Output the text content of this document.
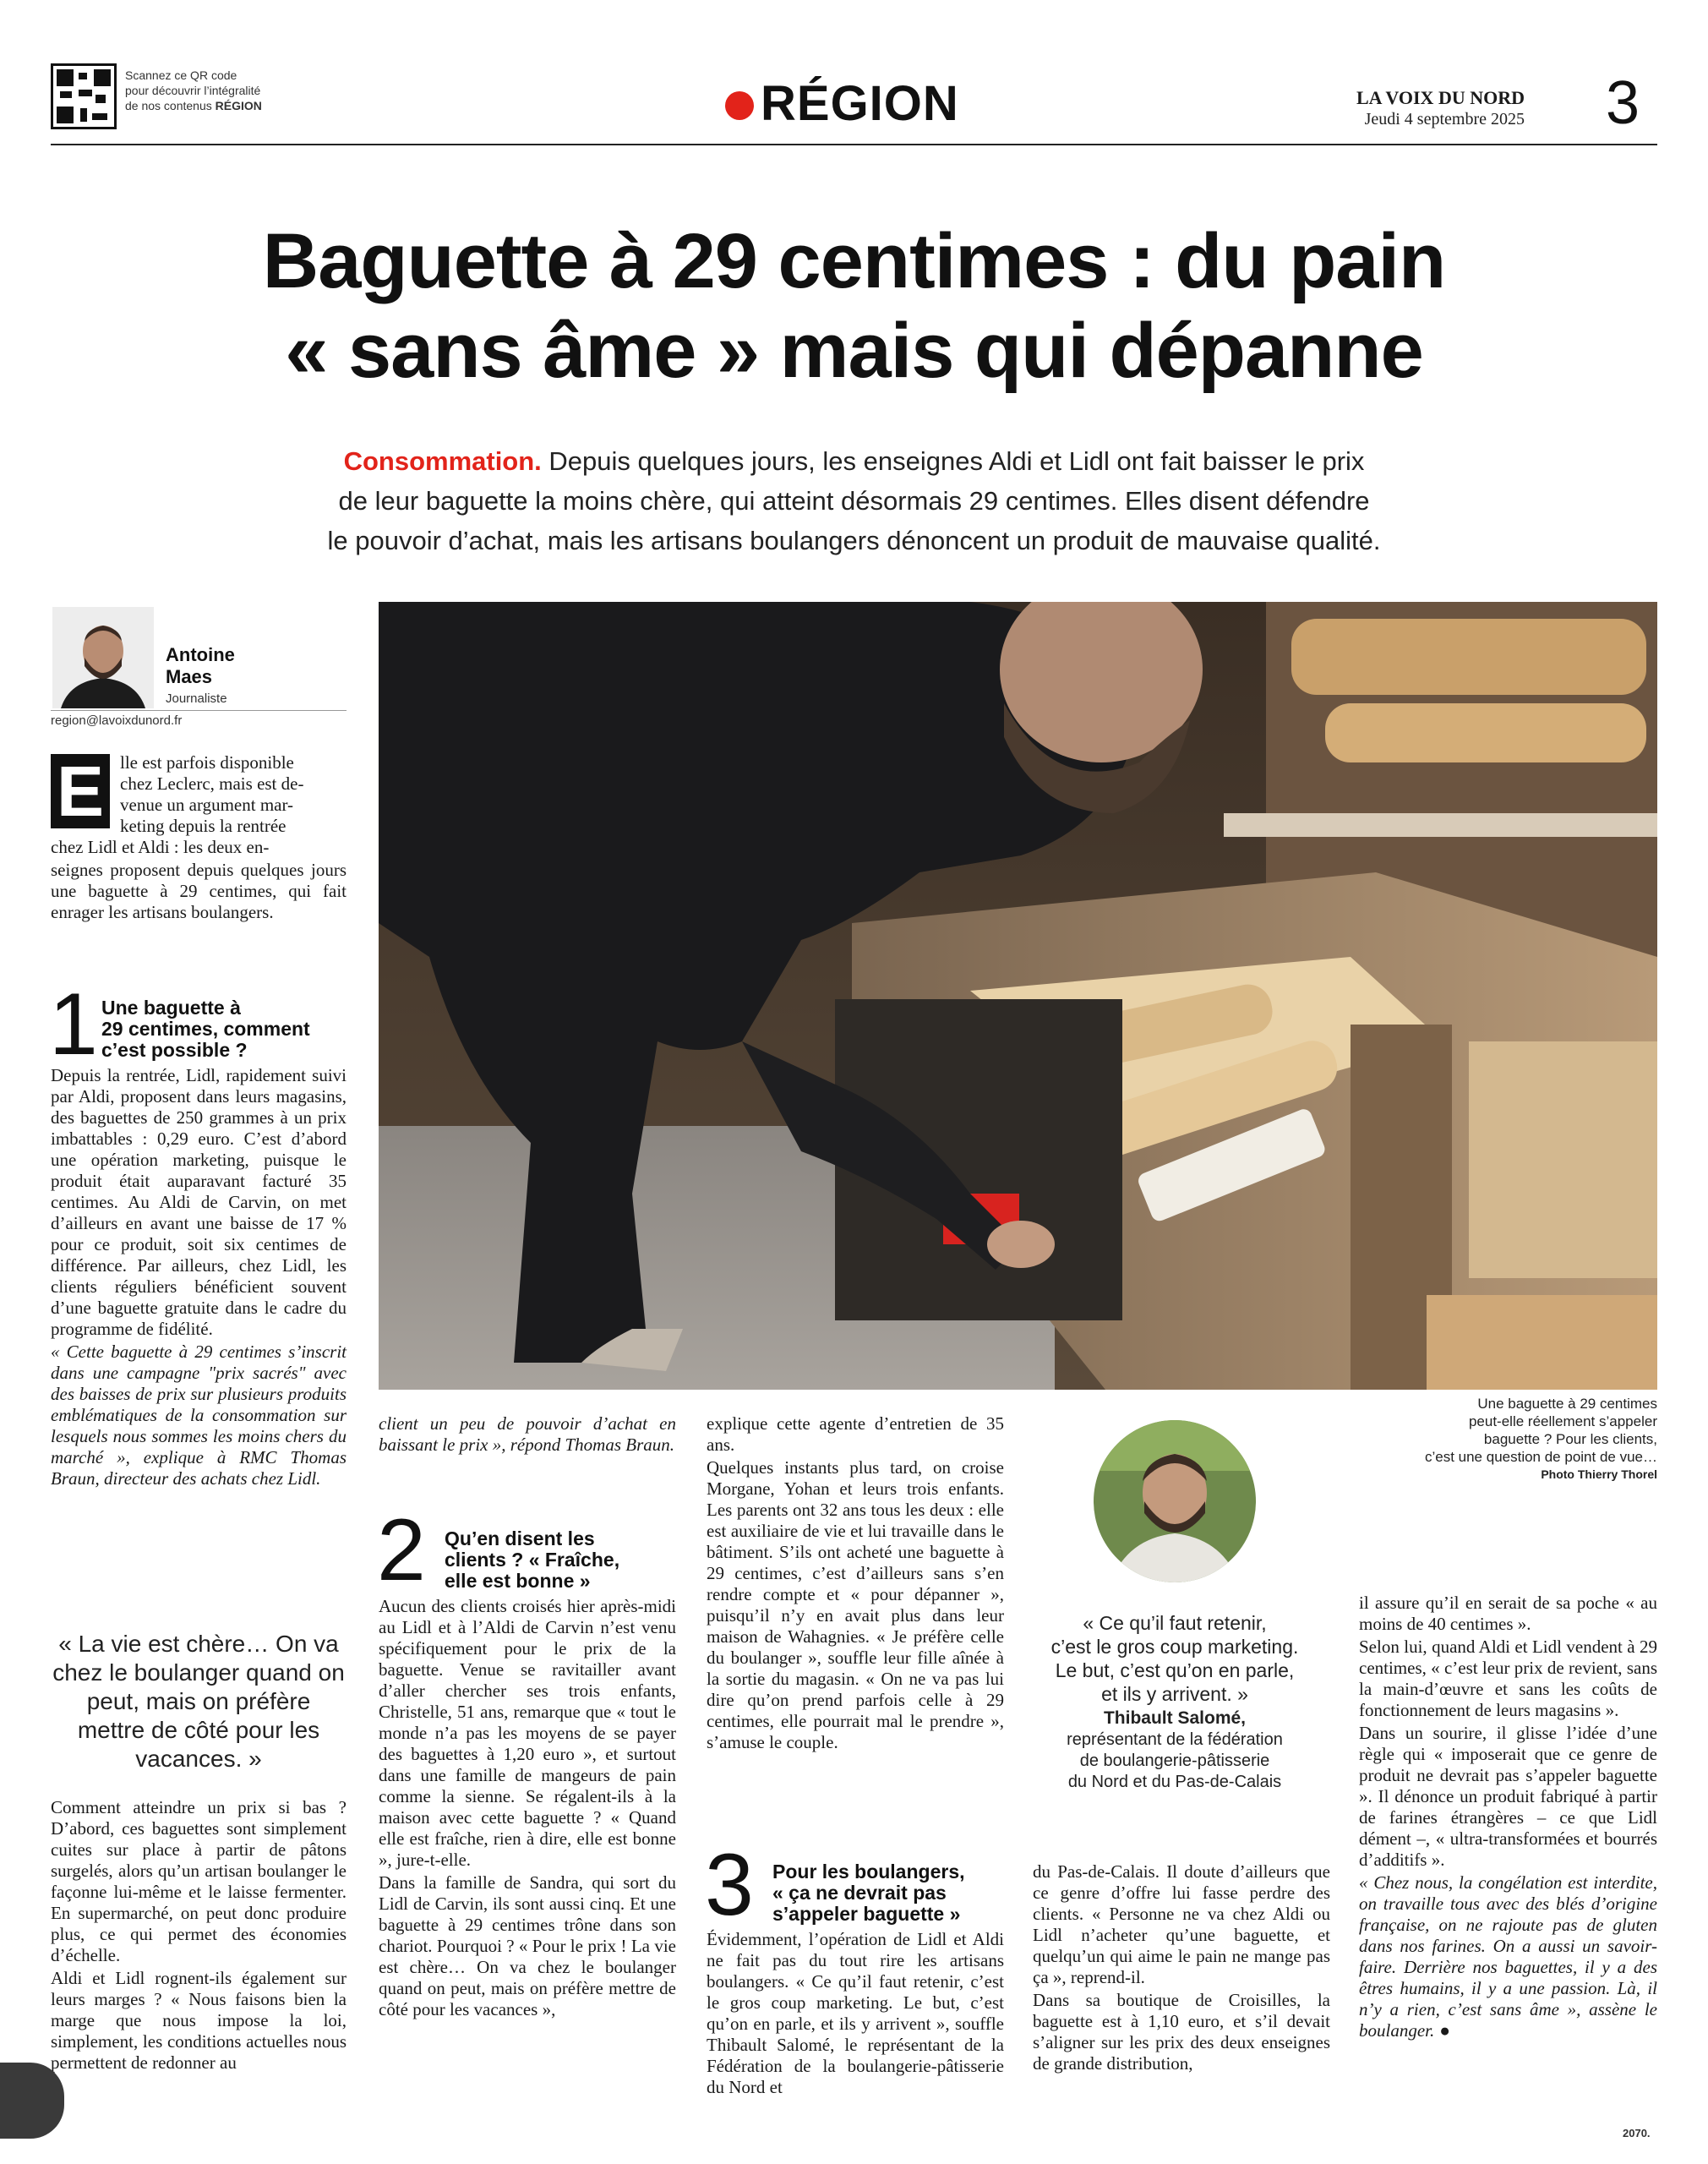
Scannez ce QR code
pour découvrir l’intégralité
de nos contenus RÉGION	RÉGION	LA VOIX DU NORD
Jeudi 4 septembre 2025 3
Baguette à 29 centimes : du pain
« sans âme » mais qui dépanne
Consommation. Depuis quelques jours, les enseignes Aldi et Lidl ont fait baisser le prix
de leur baguette la moins chère, qui atteint désormais 29 centimes. Elles disent défendre
le pouvoir d’achat, mais les artisans boulangers dénoncent un produit de mauvaise qualité.
Antoine
Maes
Journaliste
region@lavoixdunord.fr
E lle est parfois disponible
chez Leclerc, mais est de-
venue un argument mar-
keting depuis la rentrée

chez Lidl et Aldi : les deux en-

seignes proposent depuis quelques jours une baguette à 29 centimes, qui fait enrager les artisans boulangers.

1 Une baguette à
29 centimes, comment
c’est possible ?

Depuis la rentrée, Lidl, rapidement suivi par Aldi, proposent dans leurs magasins, des baguettes de 250 grammes à un prix imbattables : 0,29 euro. C’est d’abord une opération marketing, puisque le produit était auparavant facturé 35 centimes. Au Aldi de Carvin, on met d’ailleurs en avant une baisse de 17 % pour ce produit, soit six centimes de différence. Par ailleurs, chez Lidl, les clients réguliers bénéficient souvent d’une baguette gratuite dans le cadre du programme de fidélité.

« Cette baguette à 29 centimes s’inscrit dans une campagne "prix sacrés" avec des baisses de prix sur plusieurs produits emblématiques de la consommation sur lesquels nous sommes les moins chers du marché », explique à RMC Thomas Braun, directeur des achats chez Lidl.

« La vie est chère… On va chez le boulanger quand on peut, mais on préfère mettre de côté pour les vacances. »

Comment atteindre un prix si bas ? D’abord, ces baguettes sont simplement cuites sur place à partir de pâtons surgelés, alors qu’un artisan boulanger le façonne lui-même et le laisse fermenter. En supermarché, on peut donc produire plus, ce qui permet des économies d’échelle.

Aldi et Lidl rognent-ils également sur leurs marges ? « Nous faisons bien la marge que nous impose la loi, simplement, les conditions actuelles nous permettent de redonner au

Une baguette à 29 centimes
peut-elle réellement s’appeler
baguette ? Pour les clients,
c’est une question de point de vue…
Photo Thierry Thorel

client un peu de pouvoir d’achat en baissant le prix », répond Thomas Braun.

2 Qu’en disent les
clients ? « Fraîche,
elle est bonne »

Aucun des clients croisés hier après-midi au Lidl et à l’Aldi de Carvin n’est venu spécifiquement pour le prix de la baguette. Venue se ravitailler avant d’aller chercher ses trois enfants, Christelle, 51 ans, remarque que « tout le monde n’a pas les moyens de se payer des baguettes à 1,20 euro », et surtout dans une famille de mangeurs de pain comme la sienne. Se régalent-ils à la maison avec cette baguette ? « Quand elle est fraîche, rien à dire, elle est bonne », jure-t-elle.

Dans la famille de Sandra, qui sort du Lidl de Carvin, ils sont aussi cinq. Et une baguette à 29 centimes trône dans son chariot. Pourquoi ? « Pour le prix ! La vie est chère… On va chez le boulanger quand on peut, mais on préfère mettre de côté pour les vacances »,

explique cette agente d’entretien de 35 ans.

Quelques instants plus tard, on croise Morgane, Yohan et leurs trois enfants. Les parents ont 32 ans tous les deux : elle est auxiliaire de vie et lui travaille dans le bâtiment. S’ils ont acheté une baguette à 29 centimes, c’est d’ailleurs sans s’en rendre compte et « pour dépanner », puisqu’il n’y en avait plus dans leur maison de Wahagnies. « Je préfère celle du boulanger », souffle leur fille aînée à la sortie du magasin. « On ne va pas lui dire qu’on prend parfois celle à 29 centimes, elle pourrait mal le prendre », s’amuse le couple.

3 Pour les boulangers,
« ça ne devrait pas
s’appeler baguette »

Évidemment, l’opération de Lidl et Aldi ne fait pas du tout rire les artisans boulangers. « Ce qu’il faut retenir, c’est le gros coup marketing. Le but, c’est qu’on en parle, et ils y arrivent », souffle Thibault Salomé, le représentant de la Fédération de la boulangerie-pâtisserie du Nord et

« Ce qu’il faut retenir,
c’est le gros coup marketing.
Le but, c’est qu’on en parle,
et ils y arrivent. »
Thibault Salomé,
représentant de la fédération
de boulangerie-pâtisserie
du Nord et du Pas-de-Calais

du Pas-de-Calais. Il doute d’ailleurs que ce genre d’offre lui fasse perdre des clients. « Personne ne va chez Aldi ou Lidl n’acheter qu’une baguette, et quelqu’un qui aime le pain ne mange pas ça », reprend-il.

Dans sa boutique de Croisilles, la baguette est à 1,10 euro, et s’il devait s’aligner sur les prix des deux enseignes de grande distribution,

il assure qu’il en serait de sa poche « au moins de 40 centimes ».

Selon lui, quand Aldi et Lidl vendent à 29 centimes, « c’est leur prix de revient, sans la main-d’œuvre et sans les coûts de fonctionnement de leurs magasins ».

Dans un sourire, il glisse l’idée d’une règle qui « imposerait que ce genre de produit ne devrait pas s’appeler baguette ». Il dénonce un produit fabriqué à partir de farines étrangères – ce que Lidl dément –, « ultra-transformées et bourrés d’additifs ».

« Chez nous, la congélation est interdite, on travaille tous avec des blés d’origine française, on ne rajoute pas de gluten dans nos farines. On a aussi un savoir-faire. Derrière nos baguettes, il y a des êtres humains, il y a une passion. Là, il n’y a rien, c’est sans âme », assène le boulanger. ●

2070.
